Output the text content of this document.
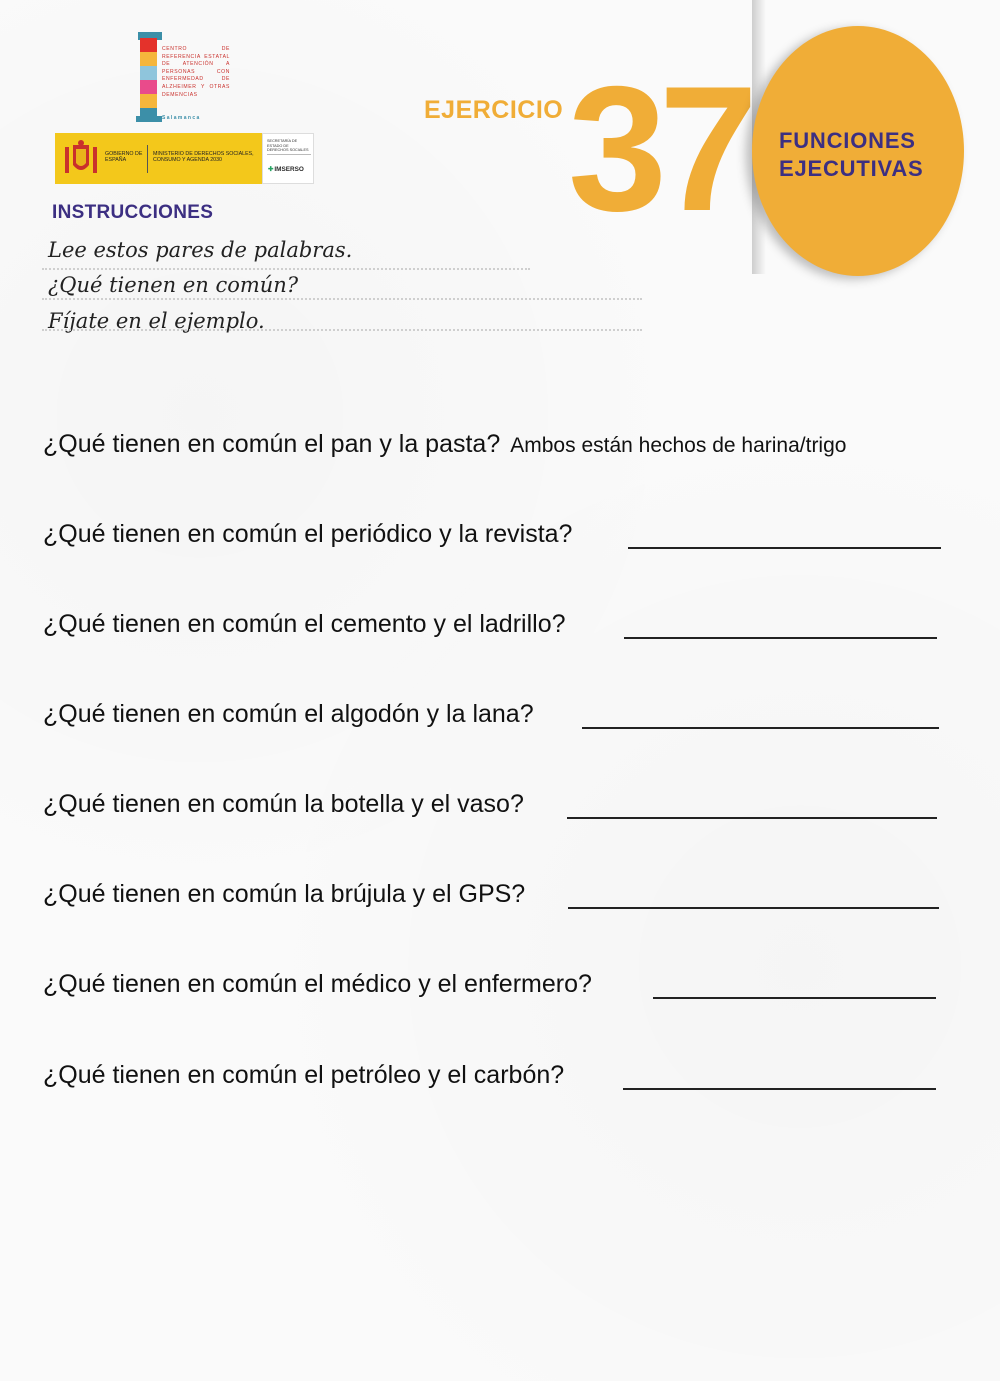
CENTRO DE REFERENCIA ESTATAL DE ATENCIÓN A PERSONAS CON ENFERMEDAD DE ALZHEIMER Y OTRAS DEMENCIAS
Salamanca
GOBIERNO DE ESPAÑA
MINISTERIO DE DERECHOS SOCIALES, CONSUMO Y AGENDA 2030
SECRETARÍA DE ESTADO DE DERECHOS SOCIALES
✚IMSERSO
EJERCICIO 37 FUNCIONES
EJECUTIVAS
INSTRUCCIONES
Lee estos pares de palabras.
¿Qué tienen en común?
Fíjate en el ejemplo.
¿Qué tienen en común el pan y la pasta? Ambos están hechos de harina/trigo
¿Qué tienen en común el periódico y la revista?
¿Qué tienen en común el cemento y el ladrillo?
¿Qué tienen en común el algodón y la lana?
¿Qué tienen en común la botella y el vaso?
¿Qué tienen en común la brújula y el GPS?
¿Qué tienen en común el médico y el enfermero?
¿Qué tienen en común el petróleo y el carbón?
